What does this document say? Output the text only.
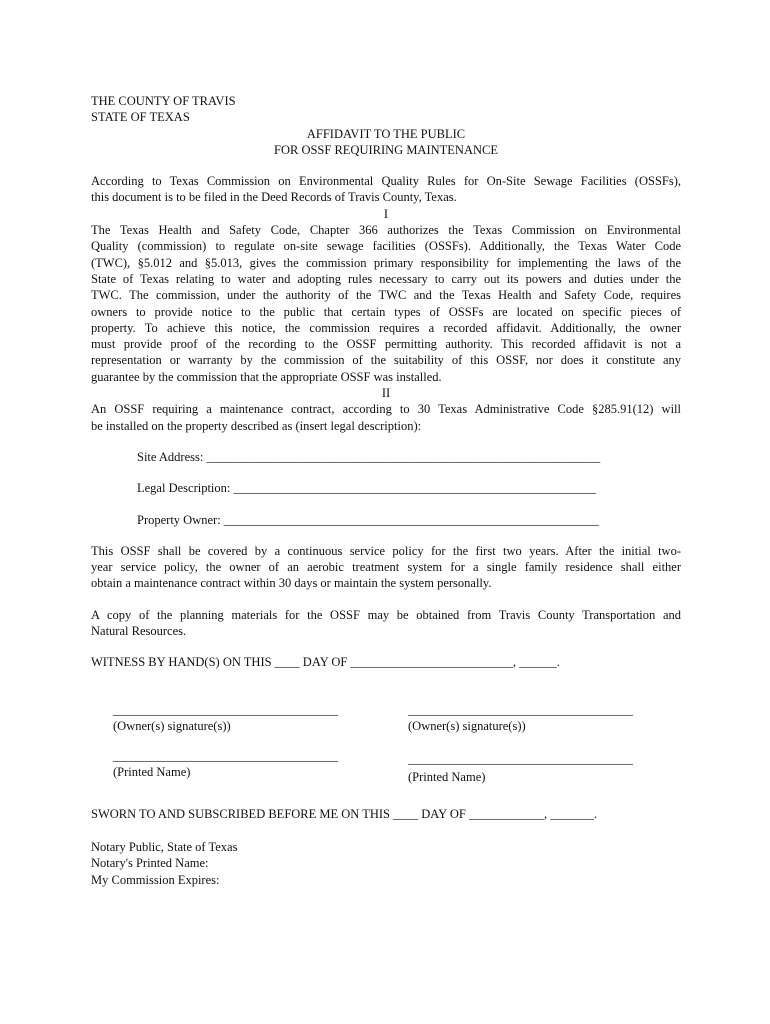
THE COUNTY OF TRAVIS
STATE OF TEXAS
AFFIDAVIT TO THE PUBLIC
FOR OSSF REQUIRING MAINTENANCE
According to Texas Commission on Environmental Quality Rules for On-Site Sewage Facilities (OSSFs),
this document is to be filed in the Deed Records of Travis County, Texas.
I
The Texas Health and Safety Code, Chapter 366 authorizes the Texas Commission on Environmental
Quality (commission) to regulate on-site sewage facilities (OSSFs). Additionally, the Texas Water Code
(TWC), §5.012 and §5.013, gives the commission primary responsibility for implementing the laws of the
State of Texas relating to water and adopting rules necessary to carry out its powers and duties under the
TWC. The commission, under the authority of the TWC and the Texas Health and Safety Code, requires
owners to provide notice to the public that certain types of OSSFs are located on specific pieces of
property. To achieve this notice, the commission requires a recorded affidavit. Additionally, the owner
must provide proof of the recording to the OSSF permitting authority. This recorded affidavit is not a
representation or warranty by the commission of the suitability of this OSSF, nor does it constitute any
guarantee by the commission that the appropriate OSSF was installed.
II
An OSSF requiring a maintenance contract, according to 30 Texas Administrative Code §285.91(12) will
be installed on the property described as (insert legal description):
Site Address: _______________________________________________________________
Legal Description: __________________________________________________________
Property Owner: ____________________________________________________________
This OSSF shall be covered by a continuous service policy for the first two years. After the initial two-
year service policy, the owner of an aerobic treatment system for a single family residence shall either
obtain a maintenance contract within 30 days or maintain the system personally.
A copy of the planning materials for the OSSF may be obtained from Travis County Transportation and
Natural Resources.
WITNESS BY HAND(S) ON THIS ____ DAY OF __________________________, ______.
____________________________________	____________________________________
(Owner(s) signature(s))	(Owner(s) signature(s))
____________________________________	____________________________________
(Printed Name)	(Printed Name)
SWORN TO AND SUBSCRIBED BEFORE ME ON THIS ____ DAY OF ____________, _______.
Notary Public, State of Texas
Notary's Printed Name:
My Commission Expires:
